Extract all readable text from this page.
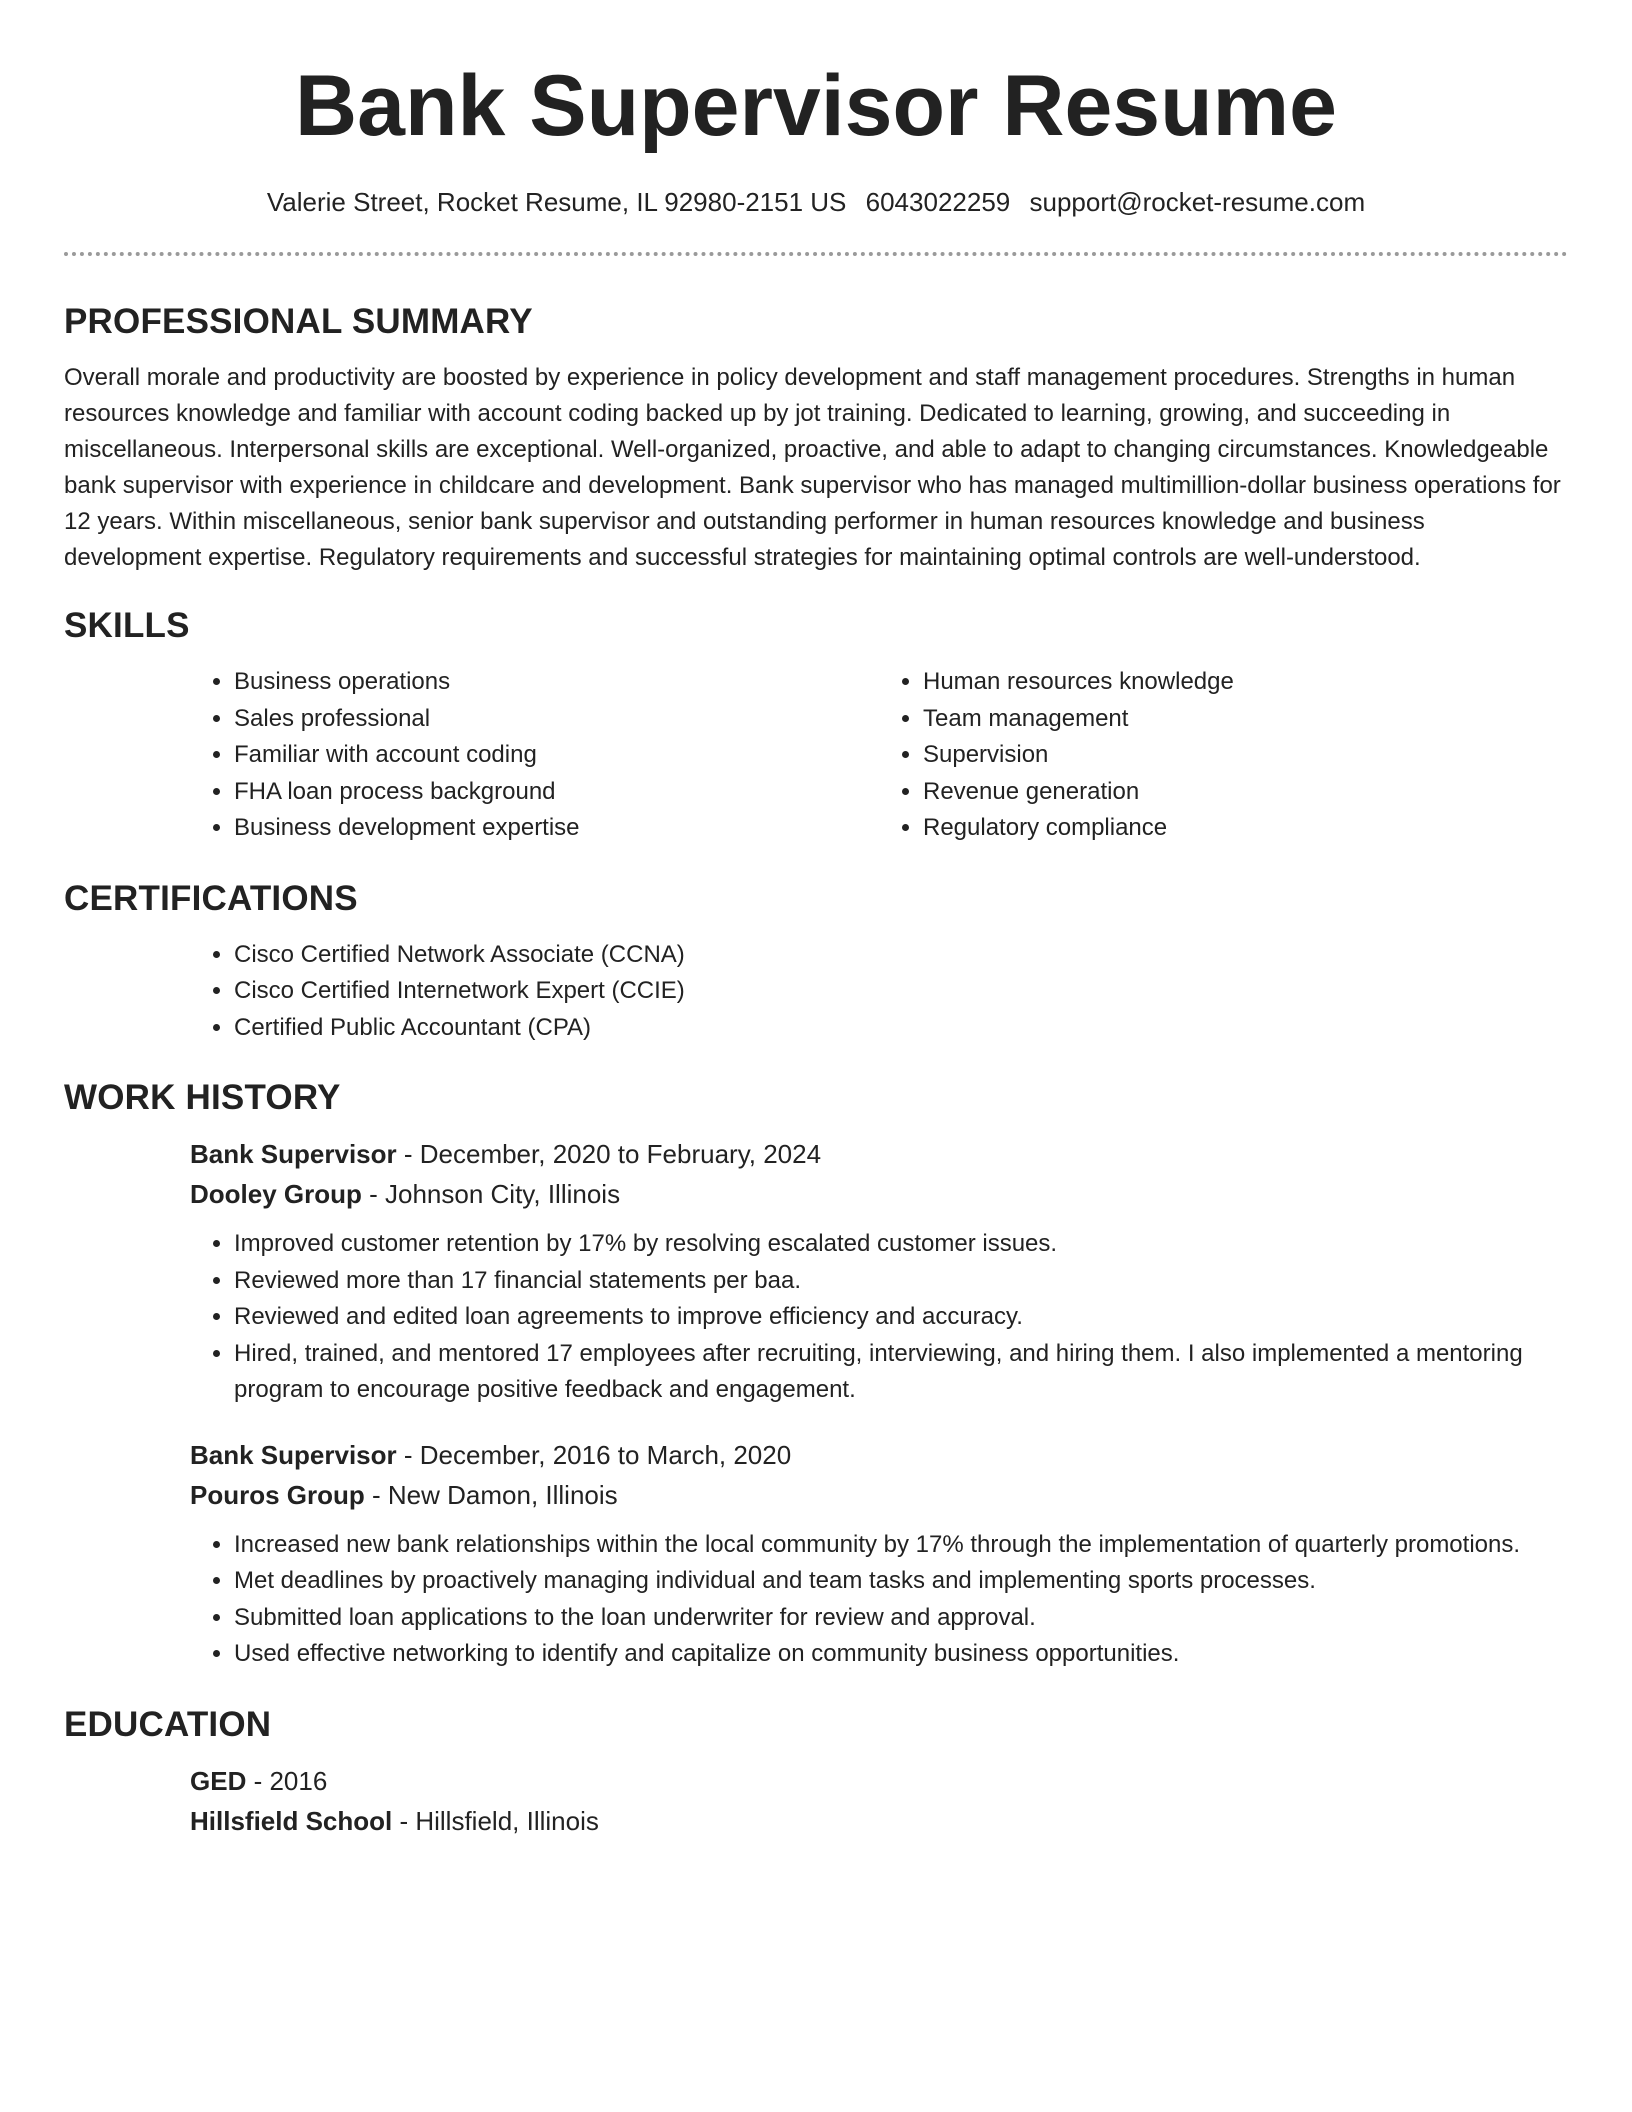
Bank Supervisor Resume
Valerie Street, Rocket Resume, IL 92980-2151 US 6043022259 support@rocket-resume.com
PROFESSIONAL SUMMARY

Overall morale and productivity are boosted by experience in policy development and staff management procedures. Strengths in human resources knowledge and familiar with account coding backed up by jot training. Dedicated to learning, growing, and succeeding in miscellaneous. Interpersonal skills are exceptional. Well-organized, proactive, and able to adapt to changing circumstances. Knowledgeable bank supervisor with experience in childcare and development. Bank supervisor who has managed multimillion-dollar business operations for 12 years. Within miscellaneous, senior bank supervisor and outstanding performer in human resources knowledge and business development expertise. Regulatory requirements and successful strategies for maintaining optimal controls are well-understood.

SKILLS
• Business operations
• Sales professional
• Familiar with account coding
• FHA loan process background
• Business development expertise
• Human resources knowledge
• Team management
• Supervision
• Revenue generation
• Regulatory compliance
CERTIFICATIONS
• Cisco Certified Network Associate (CCNA)
• Cisco Certified Internetwork Expert (CCIE)
• Certified Public Accountant (CPA)
WORK HISTORY
Bank Supervisor - December, 2020 to February, 2024
Dooley Group - Johnson City, Illinois
• Improved customer retention by 17% by resolving escalated customer issues.
• Reviewed more than 17 financial statements per baa.
• Reviewed and edited loan agreements to improve efficiency and accuracy.
• Hired, trained, and mentored 17 employees after recruiting, interviewing, and hiring them. I also implemented a mentoring program to encourage positive feedback and engagement.
Bank Supervisor - December, 2016 to March, 2020
Pouros Group - New Damon, Illinois
• Increased new bank relationships within the local community by 17% through the implementation of quarterly promotions.
• Met deadlines by proactively managing individual and team tasks and implementing sports processes.
• Submitted loan applications to the loan underwriter for review and approval.
• Used effective networking to identify and capitalize on community business opportunities.
EDUCATION
GED - 2016
Hillsfield School - Hillsfield, Illinois
